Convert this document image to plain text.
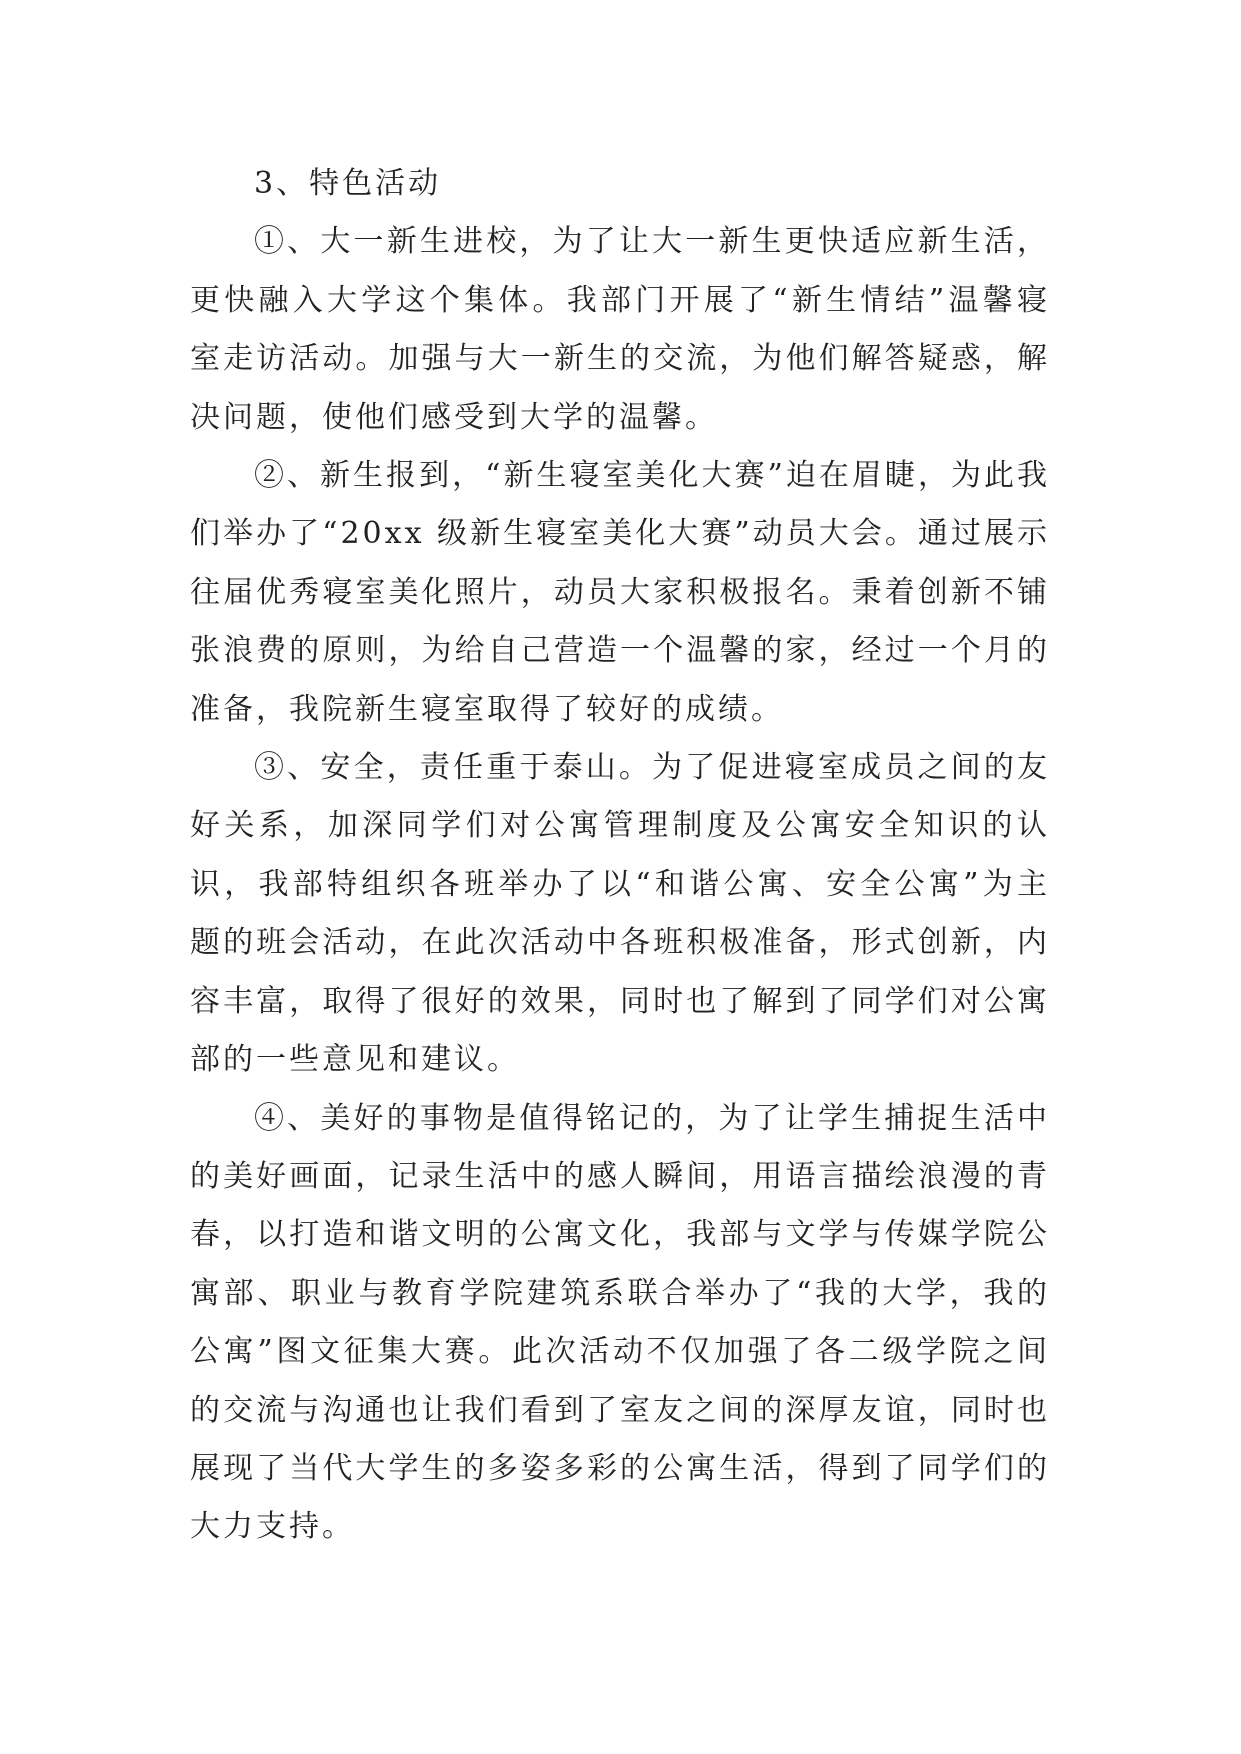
3、特色活动

①、大一新生进校，为了让大一新生更快适应新生活，更快融入大学这个集体。我部门开展了“新生情结”温馨寝室走访活动。加强与大一新生的交流，为他们解答疑惑，解决问题，使他们感受到大学的温馨。

②、新生报到，“新生寝室美化大赛”迫在眉睫，为此我们举办了“20xx 级新生寝室美化大赛”动员大会。通过展示往届优秀寝室美化照片，动员大家积极报名。秉着创新不铺张浪费的原则，为给自己营造一个温馨的家，经过一个月的准备，我院新生寝室取得了较好的成绩。

③、安全，责任重于泰山。为了促进寝室成员之间的友好关系，加深同学们对公寓管理制度及公寓安全知识的认识，我部特组织各班举办了以“和谐公寓、安全公寓”为主题的班会活动，在此次活动中各班积极准备，形式创新，内容丰富，取得了很好的效果，同时也了解到了同学们对公寓部的一些意见和建议。

④、美好的事物是值得铭记的，为了让学生捕捉生活中的美好画面，记录生活中的感人瞬间，用语言描绘浪漫的青春，以打造和谐文明的公寓文化，我部与文学与传媒学院公寓部、职业与教育学院建筑系联合举办了“我的大学，我的公寓”图文征集大赛。此次活动不仅加强了各二级学院之间的交流与沟通也让我们看到了室友之间的深厚友谊，同时也展现了当代大学生的多姿多彩的公寓生活，得到了同学们的大力支持。
